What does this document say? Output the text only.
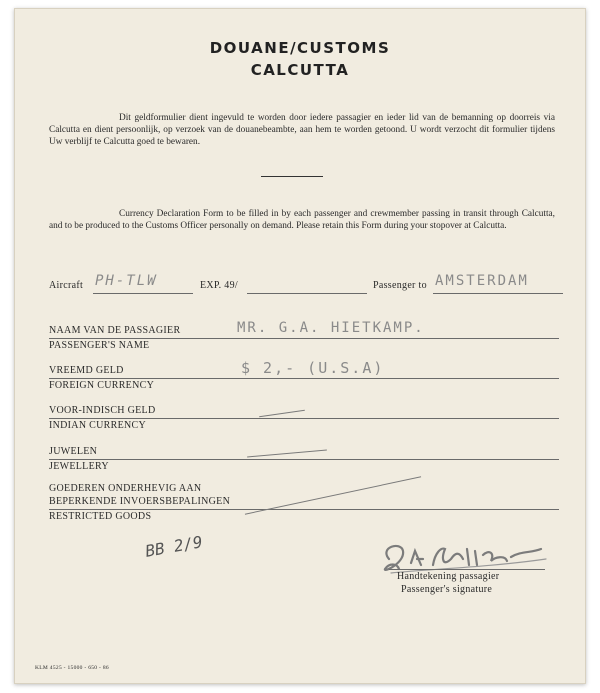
DOUANE/CUSTOMS
CALCUTTA
Dit geldformulier dient ingevuld te worden door iedere passagier en ieder lid van de bemanning op doorreis via Calcutta en dient persoonlijk, op verzoek van de douanebeambte, aan hem te worden getoond. U wordt verzocht dit formulier tijdens Uw verblijf te Calcutta goed te bewaren.
Currency Declaration Form to be filled in by each passenger and crewmember passing in transit through Calcutta, and to be produced to the Customs Officer personally on demand. Please retain this Form during your stopover at Calcutta.
Aircraft PH-TLW	EXP. 49/	Passenger to AMSTERDAM
NAAM VAN DE PASSAGIER
PASSENGER'S NAME
MR. G.A. HIETKAMP.
VREEMD GELD
FOREIGN CURRENCY
$ 2,- (U.S.A)
VOOR-INDISCH GELD
INDIAN CURRENCY
JUWELEN
JEWELLERY
GOEDEREN ONDERHEVIG AAN
BEPERKENDE INVOERSBEPALINGEN
RESTRICTED GOODS
BB 2/9
Handtekening passagier
Passenger's signature
KLM 4525 - 15000 - 650 - 86
